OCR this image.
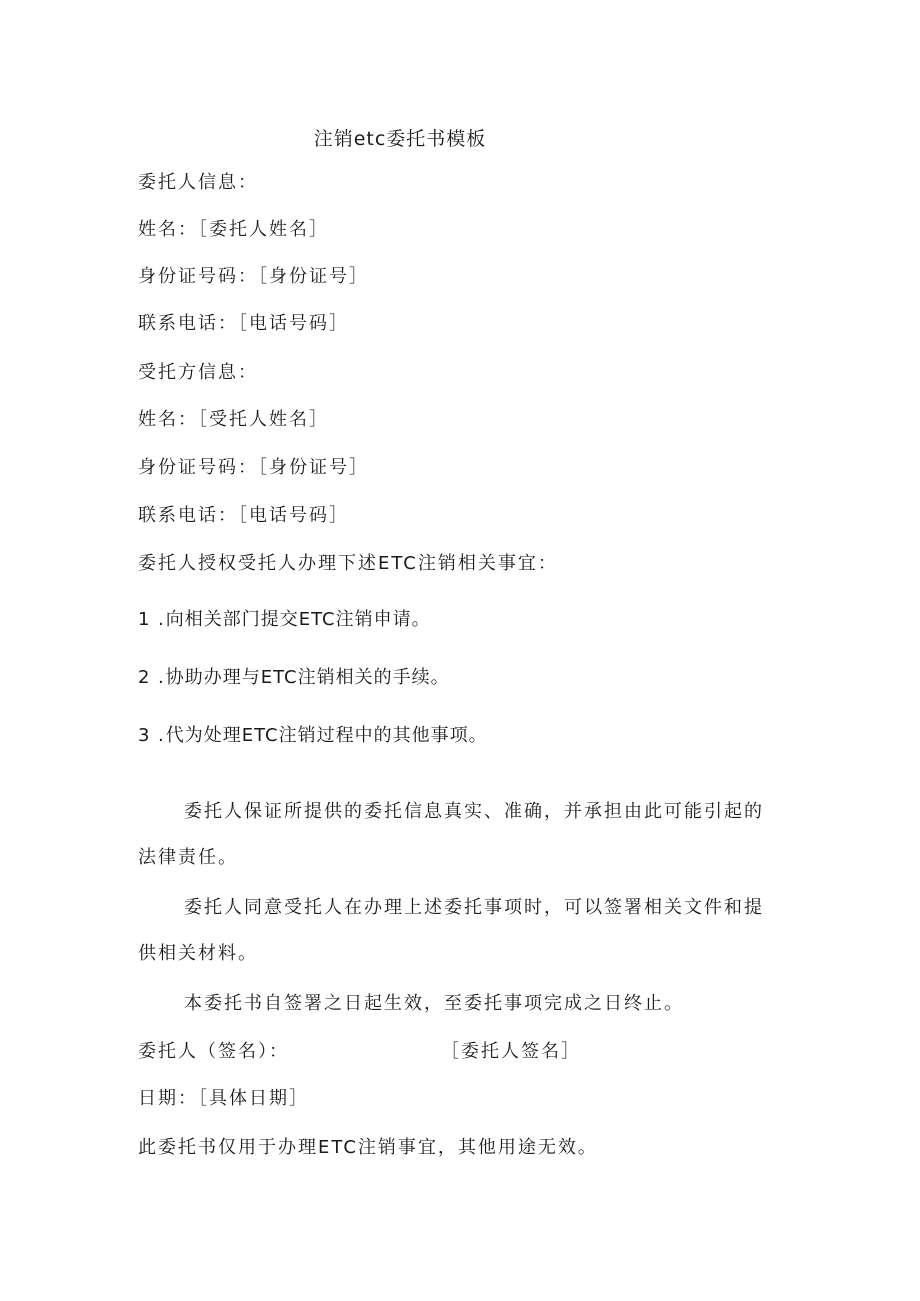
注销etc委托书模板
委托人信息：
姓名：［委托人姓名］
身份证号码：［身份证号］
联系电话：［电话号码］
受托方信息：
姓名：［受托人姓名］
身份证号码：［身份证号］
联系电话：［电话号码］
委托人授权受托人办理下述ETC注销相关事宜：
1 .向相关部门提交ETC注销申请。
2 .协助办理与ETC注销相关的手续。
3 .代为处理ETC注销过程中的其他事项。
委托人保证所提供的委托信息真实、准确，并承担由此可能引起的
法律责任。
委托人同意受托人在办理上述委托事项时，可以签署相关文件和提
供相关材料。
本委托书自签署之日起生效，至委托事项完成之日终止。
委托人（签名）：	［委托人签名］
日期：［具体日期］
此委托书仅用于办理ETC注销事宜，其他用途无效。
